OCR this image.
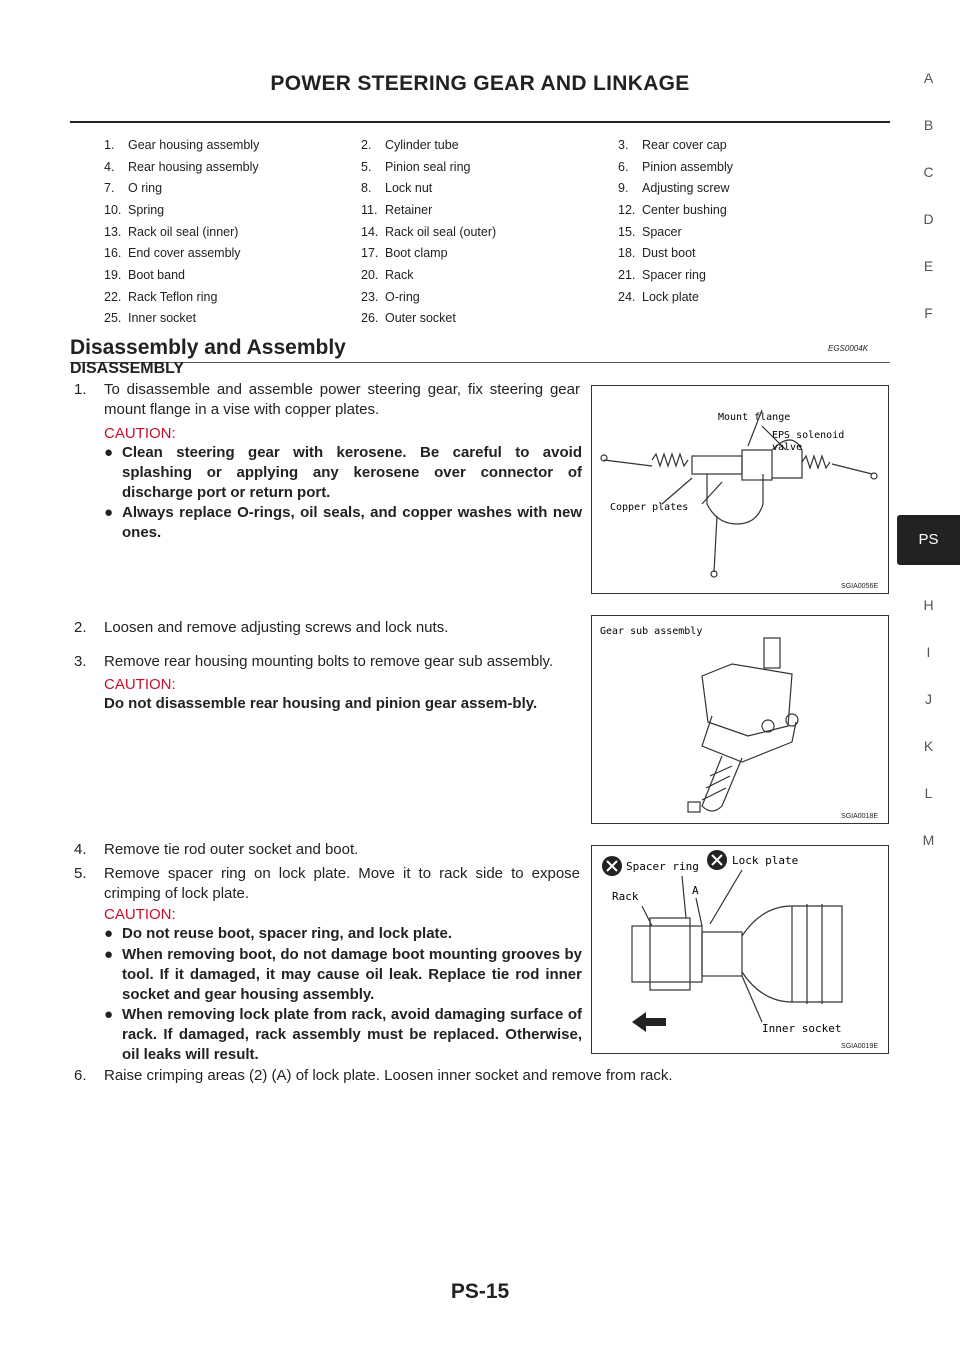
POWER STEERING GEAR AND LINKAGE
1.	Gear housing assembly	2.	Cylinder tube	3.	Rear cover cap
4.	Rear housing assembly	5.	Pinion seal ring	6.	Pinion assembly
7.	O ring	8.	Lock nut	9.	Adjusting screw
10. Spring	11. Retainer	12. Center bushing
13. Rack oil seal (inner)	14. Rack oil seal (outer)	15. Spacer
16. End cover assembly	17. Boot clamp	18. Dust boot
19. Boot band	20. Rack	21. Spacer ring
22. Rack Teflon ring	23. O-ring	24. Lock plate
25. Inner socket	26. Outer socket
Disassembly and Assembly	EGS0004K
DISASSEMBLY
1.	To disassemble and assemble power steering gear, fix steering gear mount flange in a vise with copper plates.
CAUTION:
● Clean steering gear with kerosene. Be careful to avoid splashing or applying any kerosene over connector of discharge port or return port.
● Always replace O-rings, oil seals, and copper washes with new ones.
Mount flange
EPS solenoid
valve
Copper plates
SGIA0056E
2.	Loosen and remove adjusting screws and lock nuts.
3.	Remove rear housing mounting bolts to remove gear sub assembly.
CAUTION:
Do not disassemble rear housing and pinion gear assem-bly.
Gear sub assembly
SGIA0018E
4.	Remove tie rod outer socket and boot.
5.	Remove spacer ring on lock plate. Move it to rack side to expose crimping of lock plate.
CAUTION:
● Do not reuse boot, spacer ring, and lock plate.
● When removing boot, do not damage boot mounting grooves by tool. If it damaged, it may cause oil leak. Replace tie rod inner socket and gear housing assembly.
● When removing lock plate from rack, avoid damaging surface of rack. If damaged, rack assembly must be replaced. Otherwise, oil leaks will result.
Spacer ring	Lock plate
Rack	A
Inner socket
SGIA0019E
6.	Raise crimping areas (2) (A) of lock plate. Loosen inner socket and remove from rack.
A
B
C
D
E
F
PS
H
I
J
K
L
M
PS-15
